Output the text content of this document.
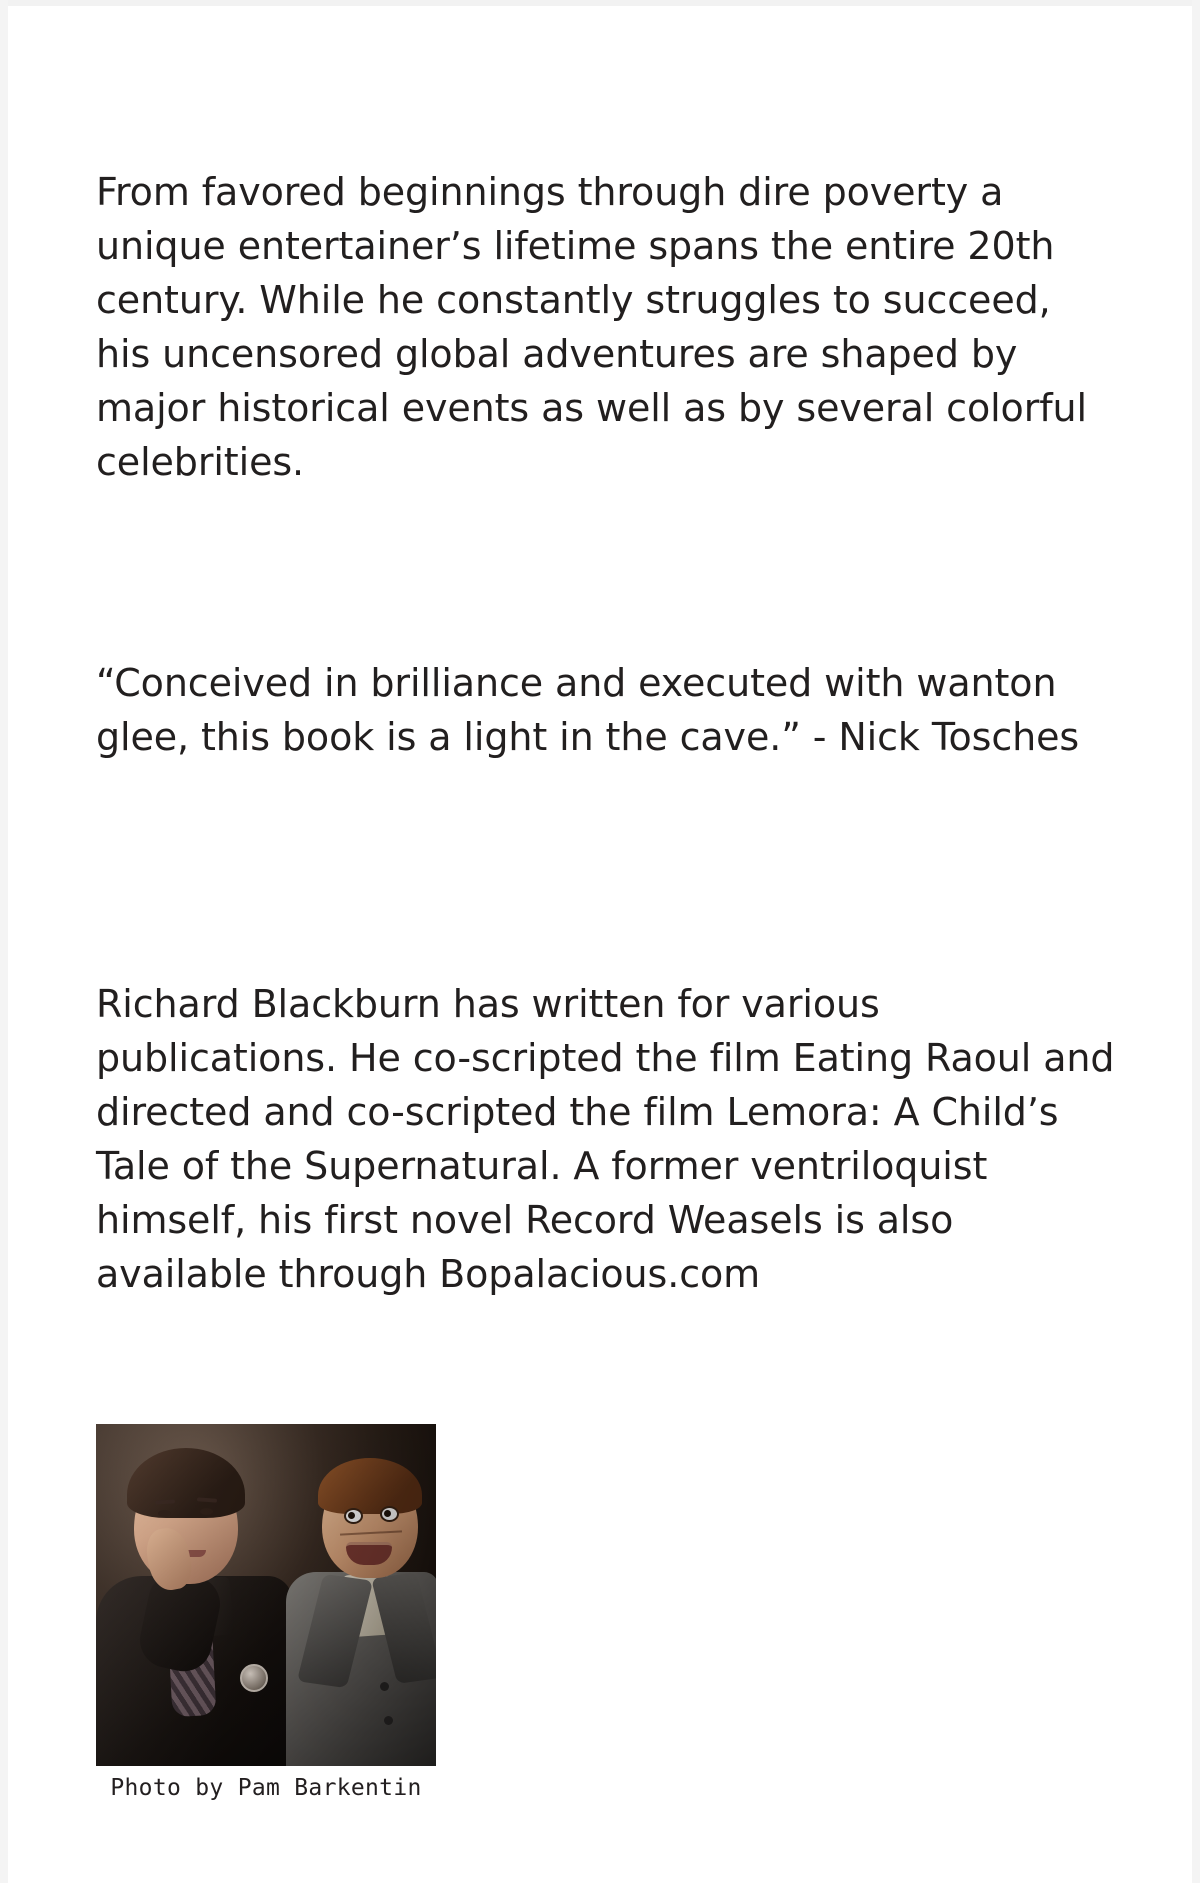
From favored beginnings through dire poverty a unique entertainer’s lifetime spans the entire 20th century. While he constantly struggles to succeed, his uncensored global adventures are shaped by major historical events as well as by several colorful celebrities.

“Conceived in brilliance and executed with wanton glee, this book is a light in the cave.” - Nick Tosches

Richard Blackburn has written for various publications. He co-scripted the film Eating Raoul and directed and co-scripted the film Lemora: A Child’s Tale of the Supernatural. A former ventriloquist himself, his first novel Record Weasels is also available through Bopalacious.com

Photo by Pam Barkentin
